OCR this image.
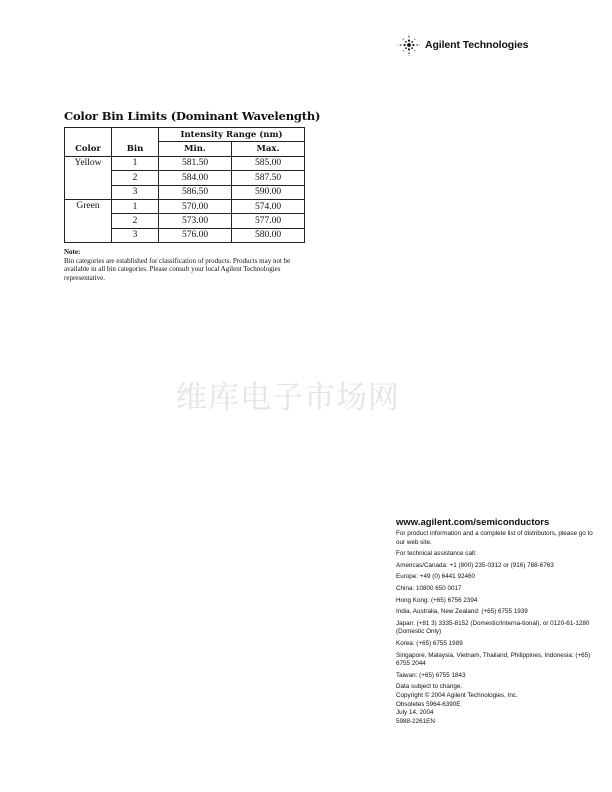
Agilent Technologies
Color Bin Limits (Dominant Wavelength)
		Intensity Range (nm)	
Color	Bin	Min.	Max.
Yellow	1	581.50	585.00
	2	584.00	587.50
	3	586.50	590.00
Green	1	570.00	574.00
	2	573.00	577.00
	3	576.00	580.00
Note:
Bin categories are established for classification of products. Products may not be available in all bin categories. Please consult your local Agilent Technologies representative.
维库电子市场网
www.agilent.com/semiconductors

For product information and a complete list of distributors, please go to our web site.

For technical assistance call:

Americas/Canada: +1 (800) 235-0312 or (916) 788-6763

Europe: +49 (0) 6441 92460

China: 10800 650 0017

Hong Kong: (+65) 6756 2394

India, Australia, New Zealand: (+65) 6755 1939

Japan: (+81 3) 3335-8152 (Domestic/Interna-tional), or 0120-61-1280 (Domestic Only)

Korea: (+65) 6755 1989

Singapore, Malaysia, Vietnam, Thailand, Philippines, Indonesia: (+65) 6755 2044

Taiwan: (+65) 6755 1843

Data subject to change.

Copyright © 2004 Agilent Technologies, Inc.

Obsoletes 5964-6390E

July 14, 2004

5988-2261EN
